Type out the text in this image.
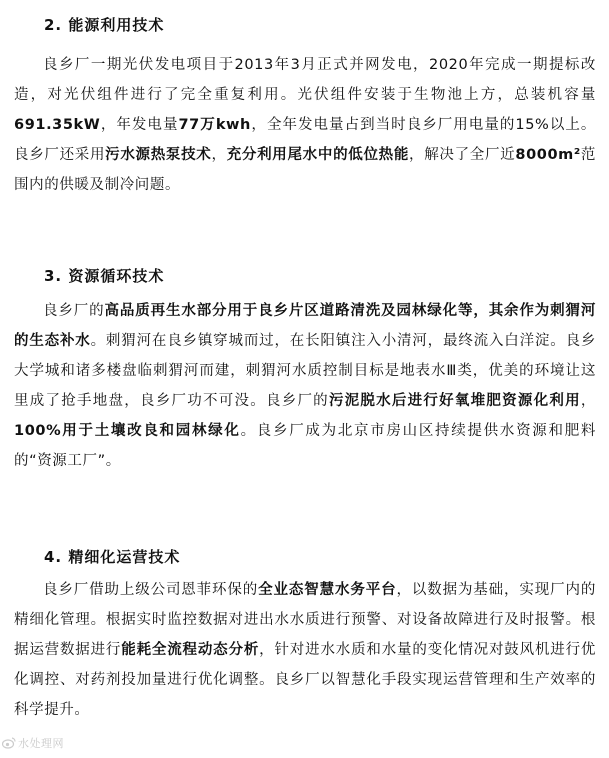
2. 能源利用技术

良乡厂一期光伏发电项目于2013年3月正式并网发电，2020年完成一期提标改造，对光伏组件进行了完全重复利用。光伏组件安装于生物池上方，总装机容量691.35kW，年发电量77万kwh，全年发电量占到当时良乡厂用电量的15%以上。良乡厂还采用污水源热泵技术，充分利用尾水中的低位热能，解决了全厂近8000m²范围内的供暖及制冷问题。

3. 资源循环技术

良乡厂的高品质再生水部分用于良乡片区道路清洗及园林绿化等，其余作为刺猬河的生态补水。刺猬河在良乡镇穿城而过，在长阳镇注入小清河，最终流入白洋淀。良乡大学城和诸多楼盘临刺猬河而建，刺猬河水质控制目标是地表水Ⅲ类，优美的环境让这里成了抢手地盘，良乡厂功不可没。良乡厂的污泥脱水后进行好氧堆肥资源化利用，100%用于土壤改良和园林绿化。良乡厂成为北京市房山区持续提供水资源和肥料的“资源工厂”。

4. 精细化运营技术

良乡厂借助上级公司恩菲环保的全业态智慧水务平台，以数据为基础，实现厂内的精细化管理。根据实时监控数据对进出水水质进行预警、对设备故障进行及时报警。根据运营数据进行能耗全流程动态分析，针对进水水质和水量的变化情况对鼓风机进行优化调控、对药剂投加量进行优化调整。良乡厂以智慧化手段实现运营管理和生产效率的科学提升。

水处理网
